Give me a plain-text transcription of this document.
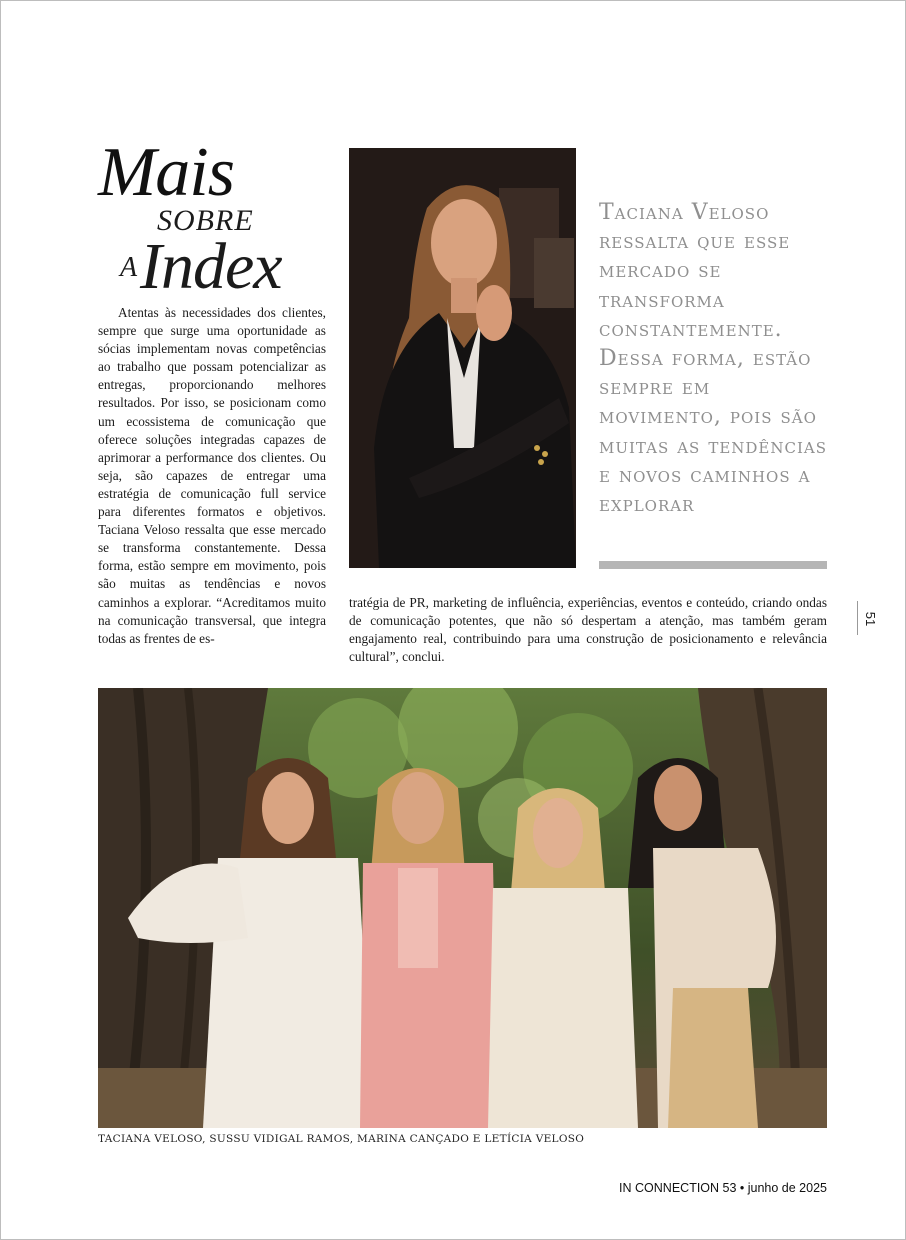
Mais
SOBRE
A Index

Atentas às necessidades dos clientes, sempre que surge uma oportunidade as sócias implementam novas competências ao trabalho que possam potencializar as entregas, proporcionando melhores resultados. Por isso, se posicionam como um ecossistema de comunicação que oferece soluções integradas capazes de aprimorar a performance dos clientes. Ou seja, são capazes de entregar uma estratégia de comunicação full service para diferentes formatos e objetivos. Taciana Veloso ressalta que esse mercado se transforma constantemente. Dessa forma, estão sempre em movimento, pois são muitas as tendências e novos caminhos a explorar. “Acreditamos muito na comunicação transversal, que integra todas as frentes de es-

tratégia de PR, marketing de influência, experiências, eventos e conteúdo, criando ondas de comunicação potentes, que não só despertam a atenção, mas também geram engajamento real, contribuindo para uma construção de posicionamento e relevância cultural”, conclui.

Taciana Veloso ressalta que esse mercado se transforma constantemente. Dessa forma, estão sempre em movimento, pois são muitas as tendências e novos caminhos a explorar

51
TACIANA VELOSO, SUSSU VIDIGAL RAMOS, MARINA CANÇADO E LETÍCIA VELOSO
IN CONNECTION 53 • junho de 2025
